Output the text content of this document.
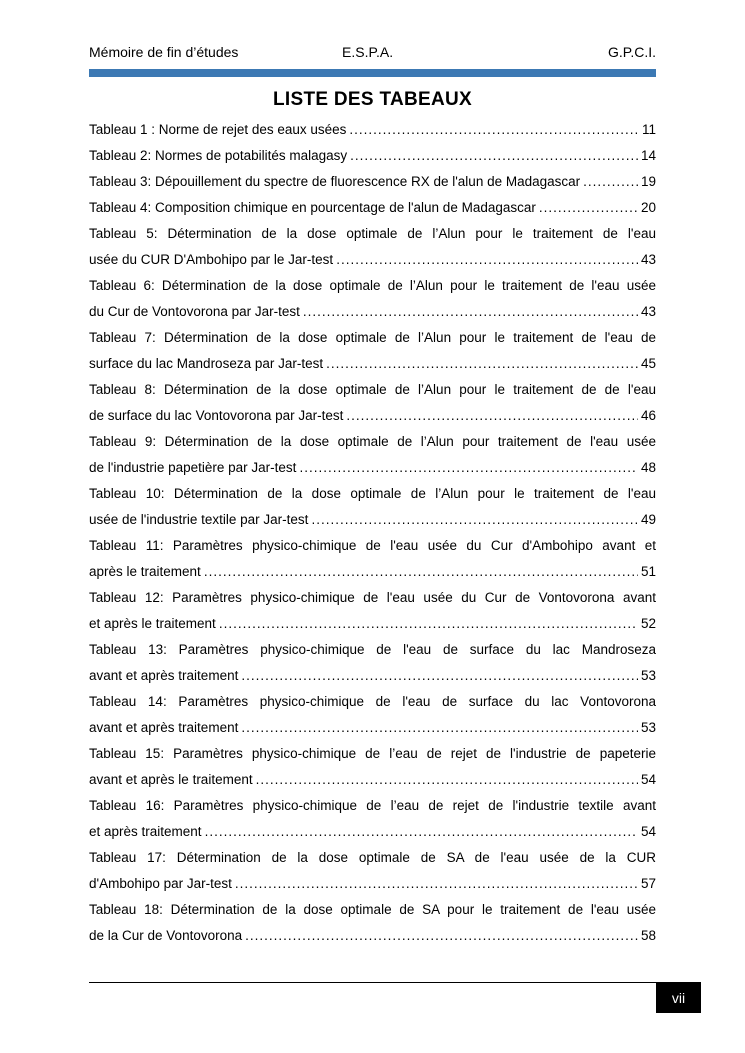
Mémoire de fin d’études	E.S.P.A.	G.P.C.I.
LISTE DES TABEAUX
Tableau 1 : Norme de rejet des eaux usées .....	11
Tableau 2: Normes de potabilités malagasy .....	14
Tableau 3: Dépouillement du spectre de fluorescence RX de l'alun de Madagascar .....	19
Tableau 4: Composition chimique en pourcentage de l'alun de Madagascar .....	20
Tableau 5: Détermination de la dose optimale de l’Alun pour le traitement de l'eau
usée du CUR D'Ambohipo par le Jar-test .....	43
Tableau 6: Détermination de la dose optimale de l’Alun pour le traitement de l'eau usée
du Cur de Vontovorona par Jar-test .....	43
Tableau 7: Détermination de la dose optimale de l’Alun pour le traitement de l'eau de
surface du lac Mandroseza par Jar-test .....	45
Tableau 8: Détermination de la dose optimale de l’Alun pour le traitement de de l'eau
de surface du lac Vontovorona par Jar-test .....	46
Tableau 9: Détermination de la dose optimale de l’Alun pour traitement de l'eau usée
de l'industrie papetière par Jar-test .....	48
Tableau 10: Détermination de la dose optimale de l’Alun pour le traitement de l'eau
usée de l'industrie textile par Jar-test .....	49
Tableau 11: Paramètres physico-chimique de l'eau usée du Cur d'Ambohipo avant et
après le traitement .....	51
Tableau 12: Paramètres physico-chimique de l'eau usée du Cur de Vontovorona avant
et après le traitement .....	52
Tableau 13: Paramètres physico-chimique de l'eau de surface du lac Mandroseza
avant et après traitement .....	53
Tableau 14: Paramètres physico-chimique de l'eau de surface du lac Vontovorona
avant et après traitement .....	53
Tableau 15: Paramètres physico-chimique de l’eau de rejet de l'industrie de papeterie
avant et après le traitement .....	54
Tableau 16: Paramètres physico-chimique de l’eau de rejet de l'industrie textile avant
et après traitement .....	54
Tableau 17: Détermination de la dose optimale de SA de l'eau usée de la CUR
d'Ambohipo par Jar-test .....	57
Tableau 18: Détermination de la dose optimale de SA pour le traitement de l'eau usée
de la Cur de Vontovorona .....	58
vii
